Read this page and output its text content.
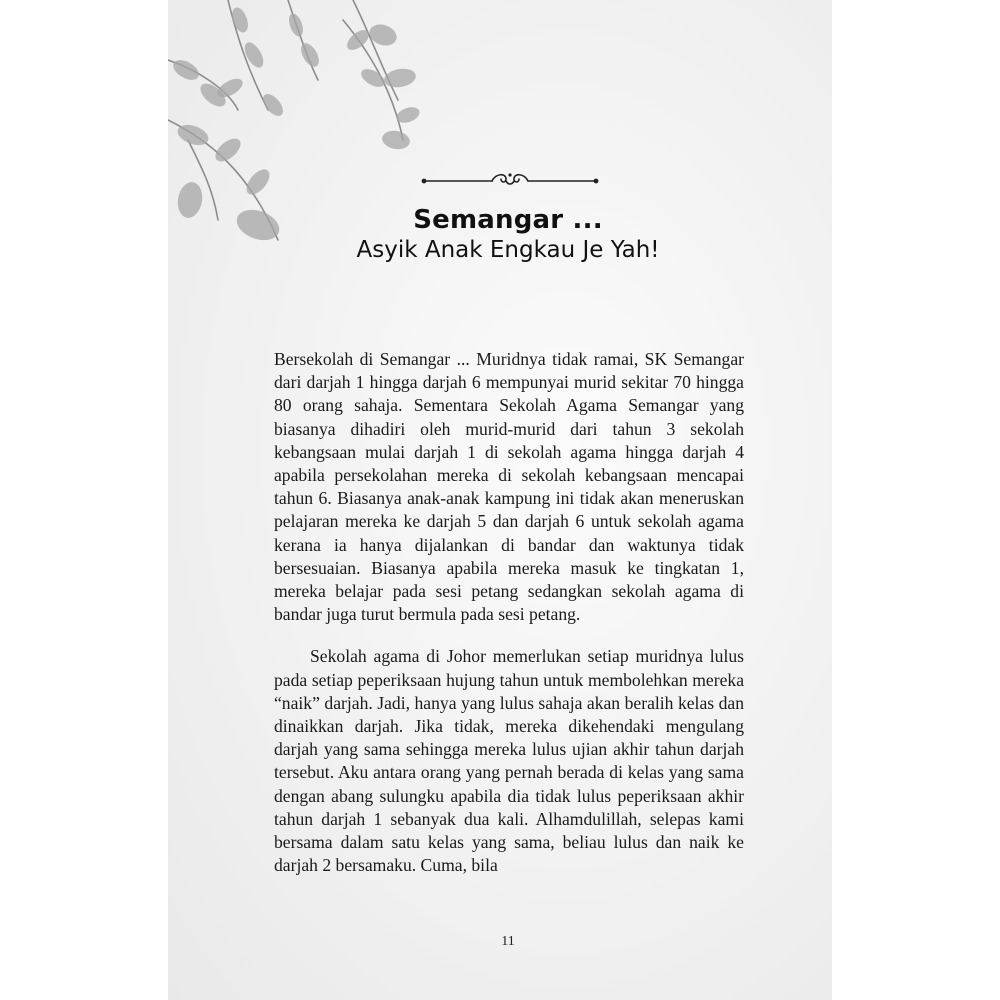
Semangar ...
Asyik Anak Engkau Je Yah!

Bersekolah di Semangar ... Muridnya tidak ramai, SK Semangar dari darjah 1 hingga darjah 6 mempunyai murid sekitar 70 hingga 80 orang sahaja. Sementara Sekolah Agama Semangar yang biasanya dihadiri oleh murid-murid dari tahun 3 sekolah kebangsaan mulai darjah 1 di sekolah agama hingga darjah 4 apabila persekolahan mereka di sekolah kebangsaan mencapai tahun 6. Biasanya anak-anak kampung ini tidak akan meneruskan pelajaran mereka ke darjah 5 dan darjah 6 untuk sekolah agama kerana ia hanya dijalankan di bandar dan waktunya tidak bersesuaian. Biasanya apabila mereka masuk ke tingkatan 1, mereka belajar pada sesi petang sedangkan sekolah agama di bandar juga turut bermula pada sesi petang.

Sekolah agama di Johor memerlukan setiap muridnya lulus pada setiap peperiksaan hujung tahun untuk membolehkan mereka “naik” darjah. Jadi, hanya yang lulus sahaja akan beralih kelas dan dinaikkan darjah. Jika tidak, mereka dikehendaki mengulang darjah yang sama sehingga mereka lulus ujian akhir tahun darjah tersebut. Aku antara orang yang pernah berada di kelas yang sama dengan abang sulungku apabila dia tidak lulus peperiksaan akhir tahun darjah 1 sebanyak dua kali. Alhamdulillah, selepas kami bersama dalam satu kelas yang sama, beliau lulus dan naik ke darjah 2 bersamaku. Cuma, bila

11
